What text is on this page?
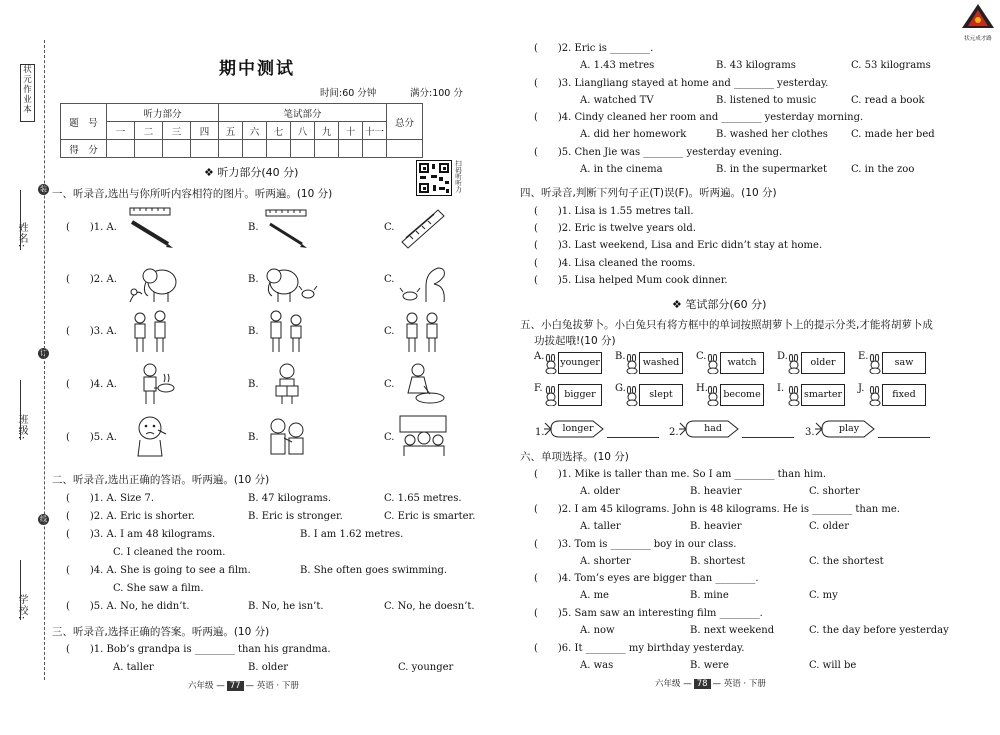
状
元
作
业
本
姓名:
班级:
学校:
装
订
线
状元成才路
期中测试
时间:60 分钟	满分:100 分
题　号	听力部分				笔试部分							总分
	一	二	三	四	五	六	七	八	九	十	十一	
得　分												
扫码听听力
❖ 听力部分(40 分)
一、听录音,选出与你所听内容相符的图片。听两遍。(10 分)
(　　)1. A.	B.	C.
(　　)2. A.	B.	C.
(　　)3. A.	B.	C.
(　　)4. A.	B.	C.
(　　)5. A.	B.	C.
二、听录音,选出正确的答语。听两遍。(10 分)
(　　)1. A. Size 7.	B. 47 kilograms.	C. 1.65 metres.
(　　)2. A. Eric is shorter.	B. Eric is stronger.	C. Eric is smarter.
(　　)3. A. I am 48 kilograms.	B. I am 1.62 metres.
C. I cleaned the room.
(　　)4. A. She is going to see a film.	B. She often goes swimming.
C. She saw a film.
(　　)5. A. No, he didn’t.	B. No, he isn’t.	C. No, he doesn’t.
三、听录音,选择正确的答案。听两遍。(10 分)
(　　)1. Bob’s grandpa is ________ than his grandma.
A. taller	B. older	C. younger
六年级 — 77 — 英语 · 下册
(　　)2. Eric is ________.
A. 1.43 metres	B. 43 kilograms	C. 53 kilograms
(　　)3. Liangliang stayed at home and ________ yesterday.
A. watched TV	B. listened to music	C. read a book
(　　)4. Cindy cleaned her room and ________ yesterday morning.
A. did her homework	B. washed her clothes C. made her bed
(　　)5. Chen Jie was ________ yesterday evening.
A. in the cinema	B. in the supermarket C. in the zoo
四、听录音,判断下列句子正(T)误(F)。听两遍。(10 分)
(　　)1. Lisa is 1.55 metres tall.
(　　)2. Eric is twelve years old.
(　　)3. Last weekend, Lisa and Eric didn’t stay at home.
(　　)4. Lisa cleaned the rooms.
(　　)5. Lisa helped Mum cook dinner.
❖ 笔试部分(60 分)
五、小白兔拔萝卜。小白兔只有将方框中的单词按照胡萝卜上的提示分类,才能将胡萝卜成
功拔起哦!(10 分)
A.
younger
B.
washed
C.
watch
D.
older
E.
saw
F.
bigger
G.
slept
H.
become
I.
smarter
J.
fixed
1.	longer	2.	had	3.	play
六、单项选择。(10 分)
(　　)1. Mike is taller than me. So I am ________ than him.
A. older	B. heavier	C. shorter
(　　)2. I am 45 kilograms. John is 48 kilograms. He is ________ than me.
A. taller	B. heavier	C. older
(　　)3. Tom is ________ boy in our class.
A. shorter	B. shortest	C. the shortest
(　　)4. Tom’s eyes are bigger than ________.
A. me	B. mine	C. my
(　　)5. Sam saw an interesting film ________.
A. now	B. next weekend	C. the day before yesterday
(　　)6. It ________ my birthday yesterday.
A. was	B. were	C. will be
六年级 — 78 — 英语 · 下册
